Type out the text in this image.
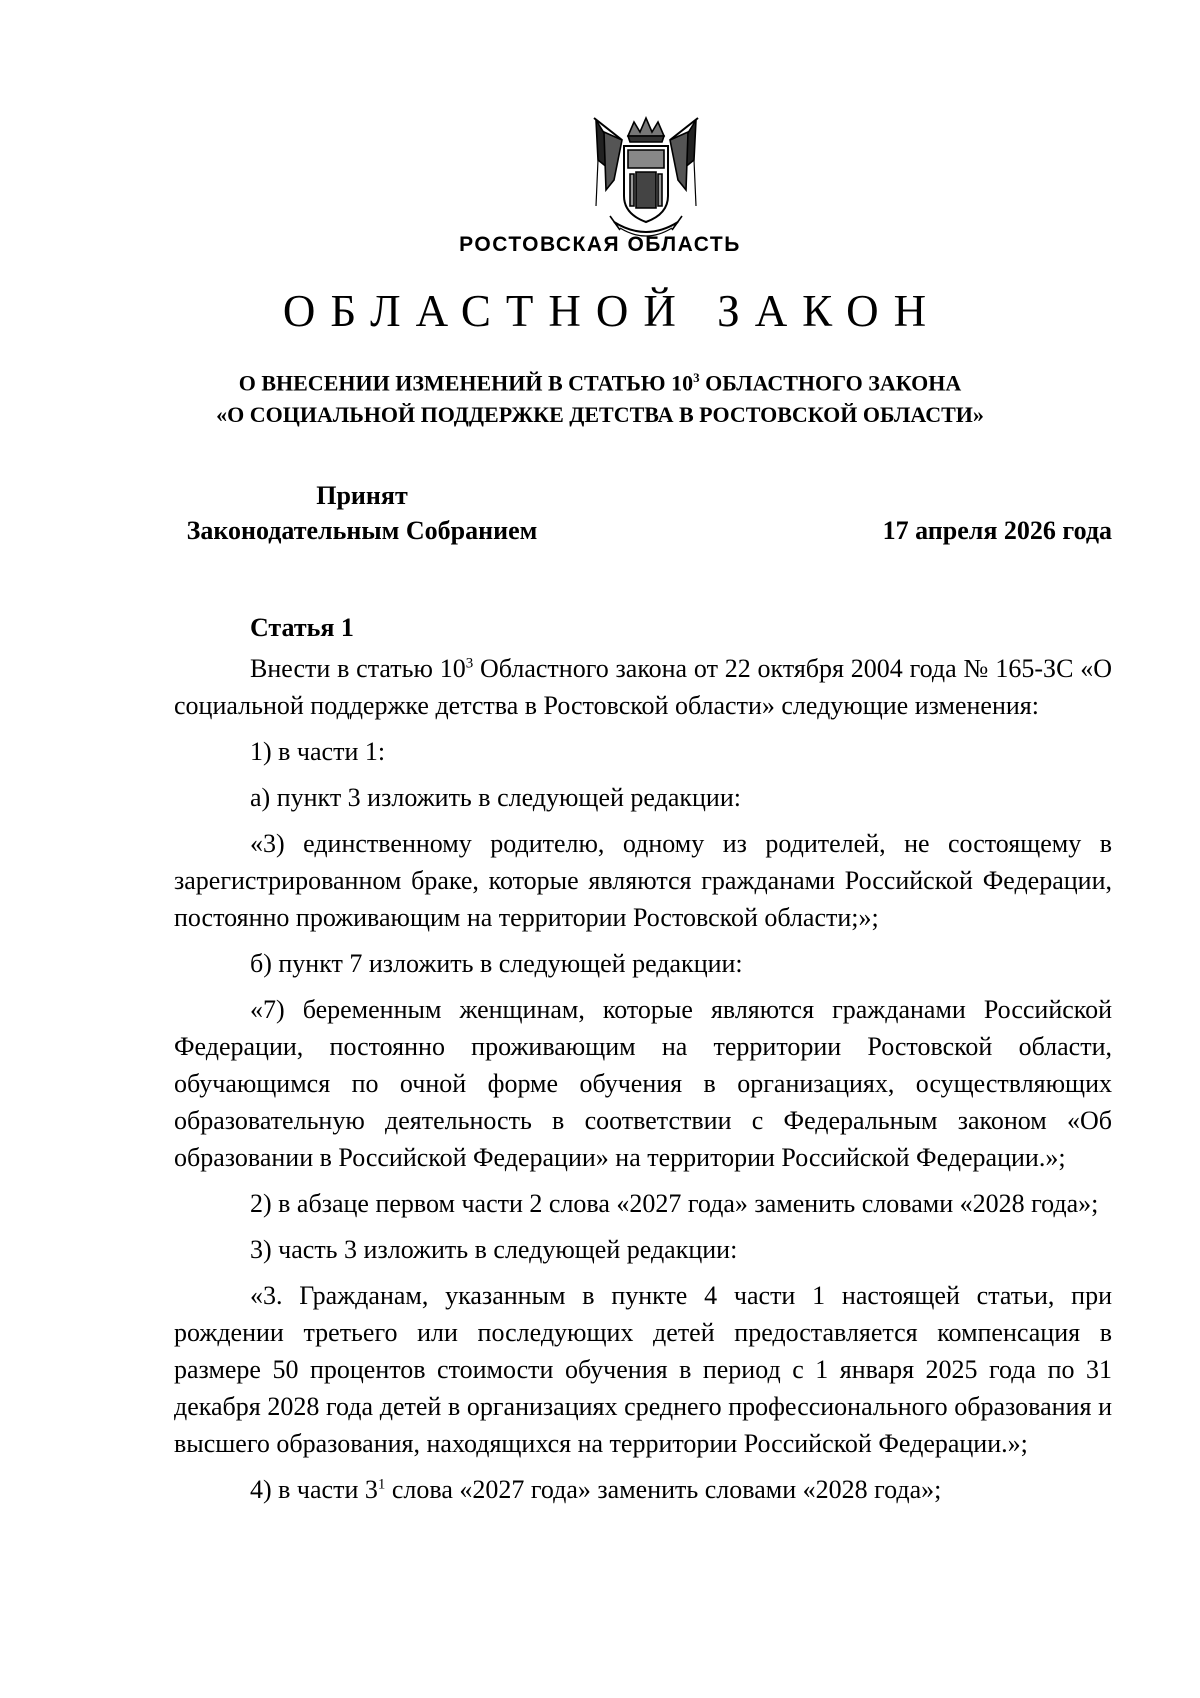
РОСТОВСКАЯ ОБЛАСТЬ
ОБЛАСТНОЙ ЗАКОН
О ВНЕСЕНИИ ИЗМЕНЕНИЙ В СТАТЬЮ $10^3$ ОБЛАСТНОГО ЗАКОНА
«О СОЦИАЛЬНОЙ ПОДДЕРЖКЕ ДЕТСТВА В РОСТОВСКОЙ ОБЛАСТИ»
Принят
Законодательным Собранием	17 апреля 2026 года
Статья 1

Внести в статью $10^3$ Областного закона от 22 октября 2004 года № 165-ЗС «О социальной поддержке детства в Ростовской области» следующие изменения:

1) в части 1:

а) пункт 3 изложить в следующей редакции:

«3) единственному родителю, одному из родителей, не состоящему в зарегистрированном браке, которые являются гражданами Российской Федерации, постоянно проживающим на территории Ростовской области;»;

б) пункт 7 изложить в следующей редакции:

«7) беременным женщинам, которые являются гражданами Российской Федерации, постоянно проживающим на территории Ростовской области, обучающимся по очной форме обучения в организациях, осуществляющих образовательную деятельность в соответствии с Федеральным законом «Об образовании в Российской Федерации» на территории Российской Федерации.»;

2) в абзаце первом части 2 слова «2027 года» заменить словами «2028 года»;

3) часть 3 изложить в следующей редакции:

«3. Гражданам, указанным в пункте 4 части 1 настоящей статьи, при рождении третьего или последующих детей предоставляется компенсация в размере 50 процентов стоимости обучения в период с 1 января 2025 года по 31 декабря 2028 года детей в организациях среднего профессионального образования и высшего образования, находящихся на территории Российской Федерации.»;

4) в части $3^1$ слова «2027 года» заменить словами «2028 года»;
